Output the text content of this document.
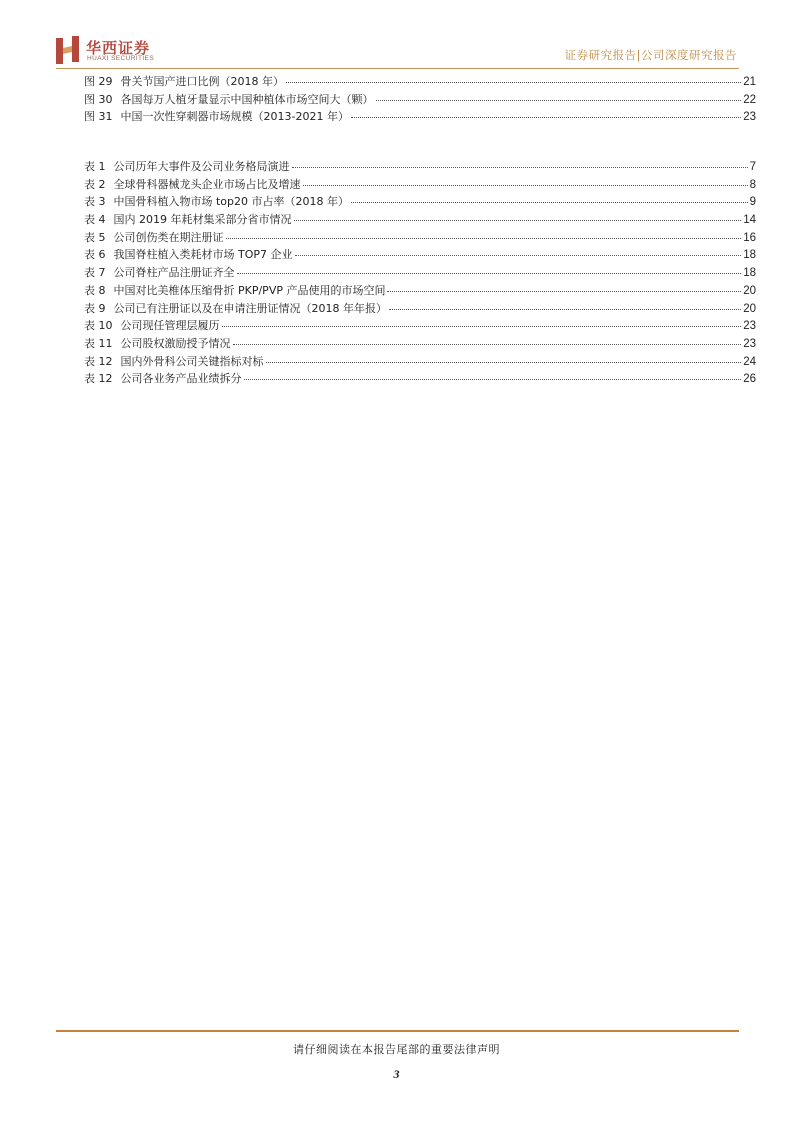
华西证券
HUAXI SECURITIES	证券研究报告|公司深度研究报告
图 29 骨关节国产进口比例（2018 年）	21
图 30 各国每万人植牙量显示中国种植体市场空间大（颗）	22
图 31 中国一次性穿刺器市场规模（2013-2021 年）	23
表 1 公司历年大事件及公司业务格局演进	7
表 2 全球骨科器械龙头企业市场占比及增速	8
表 3 中国骨科植入物市场 top20 市占率（2018 年）	9
表 4 国内 2019 年耗材集采部分省市情况	14
表 5 公司创伤类在期注册证	16
表 6 我国脊柱植入类耗材市场 TOP7 企业	18
表 7 公司脊柱产品注册证齐全	18
表 8 中国对比美椎体压缩骨折 PKP/PVP 产品使用的市场空间	20
表 9 公司已有注册证以及在申请注册证情况（2018 年年报）	20
表 10 公司现任管理层履历	23
表 11 公司股权激励授予情况	23
表 12 国内外骨科公司关键指标对标	24
表 12 公司各业务产品业绩拆分	26
请仔细阅读在本报告尾部的重要法律声明
3
